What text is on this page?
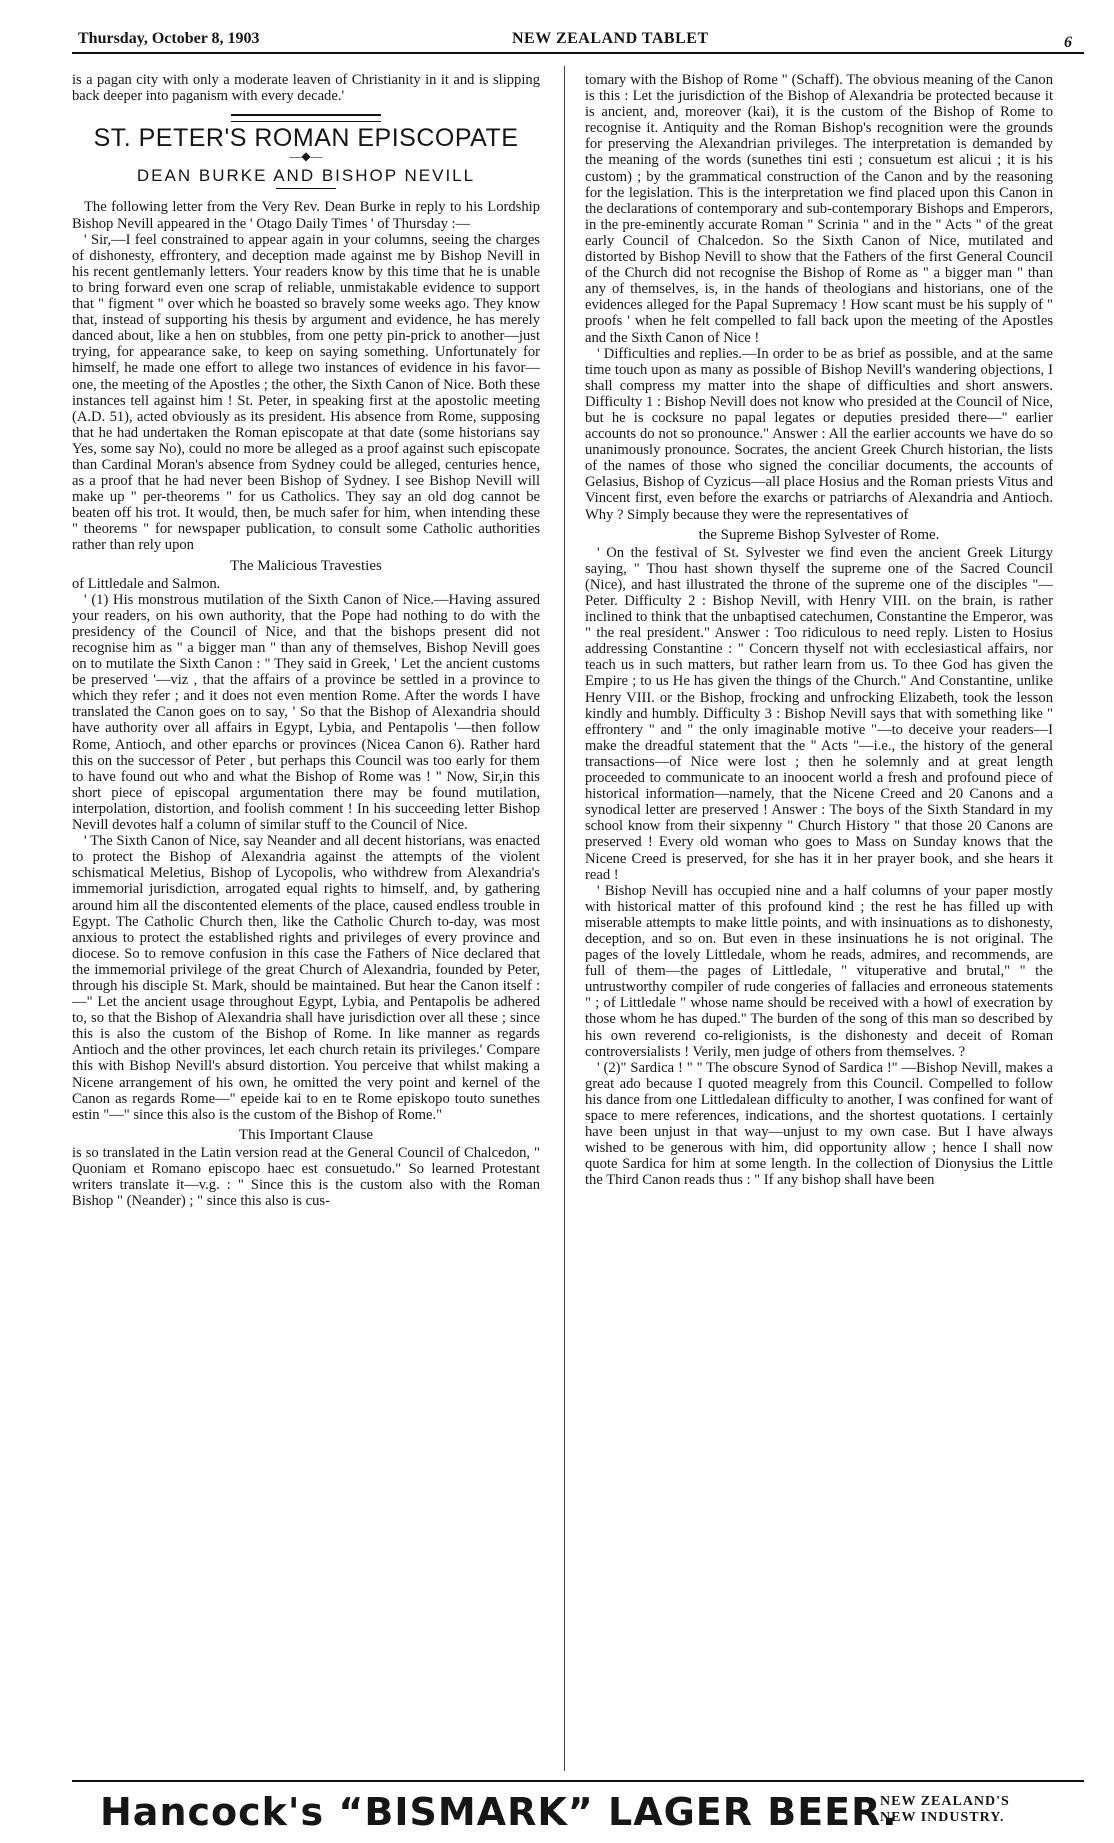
Thursday, October 8, 1903	NEW ZEALAND TABLET	6

is a pagan city with only a moderate leaven of Christianity in it and is slipping back deeper into paganism with every decade.'

ST. PETER'S ROMAN EPISCOPATE
—◆—
DEAN BURKE AND BISHOP NEVILL

The following letter from the Very Rev. Dean Burke in reply to his Lordship Bishop Nevill appeared in the ' Otago Daily Times ' of Thursday :—

' Sir,—I feel constrained to appear again in your columns, seeing the charges of dishonesty, effrontery, and deception made against me by Bishop Nevill in his recent gentlemanly letters. Your readers know by this time that he is unable to bring forward even one scrap of reliable, unmistakable evidence to support that " figment " over which he boasted so bravely some weeks ago. They know that, instead of supporting his thesis by argument and evidence, he has merely danced about, like a hen on stubbles, from one petty pin-prick to another—just trying, for appearance sake, to keep on saying something. Unfortunately for himself, he made one effort to allege two instances of evidence in his favor—one, the meeting of the Apostles ; the other, the Sixth Canon of Nice. Both these instances tell against him ! St. Peter, in speaking first at the apostolic meeting (A.D. 51), acted obviously as its president. His absence from Rome, supposing that he had undertaken the Roman episcopate at that date (some historians say Yes, some say No), could no more be alleged as a proof against such episcopate than Cardinal Moran's absence from Sydney could be alleged, centuries hence, as a proof that he had never been Bishop of Sydney. I see Bishop Nevill will make up " per-theorems " for us Catholics. They say an old dog cannot be beaten off his trot. It would, then, be much safer for him, when intending these " theorems " for newspaper publication, to consult some Catholic authorities rather than rely upon

The Malicious Travesties

of Littledale and Salmon.

' (1) His monstrous mutilation of the Sixth Canon of Nice.—Having assured your readers, on his own authority, that the Pope had nothing to do with the presidency of the Council of Nice, and that the bishops present did not recognise him as " a bigger man " than any of themselves, Bishop Nevill goes on to mutilate the Sixth Canon : " They said in Greek, ' Let the ancient customs be preserved '—viz , that the affairs of a province be settled in a province to which they refer ; and it does not even mention Rome. After the words I have translated the Canon goes on to say, ' So that the Bishop of Alexandria should have authority over all affairs in Egypt, Lybia, and Pentapolis '—then follow Rome, Antioch, and other eparchs or provinces (Nicea Canon 6). Rather hard this on the successor of Peter , but perhaps this Council was too early for them to have found out who and what the Bishop of Rome was ! " Now, Sir,in this short piece of episcopal argumentation there may be found mutilation, interpolation, distortion, and foolish comment ! In his succeeding letter Bishop Nevill devotes half a column of similar stuff to the Council of Nice.

' The Sixth Canon of Nice, say Neander and all decent historians, was enacted to protect the Bishop of Alexandria against the attempts of the violent schismatical Meletius, Bishop of Lycopolis, who withdrew from Alexandria's immemorial jurisdiction, arrogated equal rights to himself, and, by gathering around him all the discontented elements of the place, caused endless trouble in Egypt. The Catholic Church then, like the Catholic Church to-day, was most anxious to protect the established rights and privileges of every province and diocese. So to remove confusion in this case the Fathers of Nice declared that the immemorial privilege of the great Church of Alexandria, founded by Peter, through his disciple St. Mark, should be maintained. But hear the Canon itself :—" Let the ancient usage throughout Egypt, Lybia, and Pentapolis be adhered to, so that the Bishop of Alexandria shall have jurisdiction over all these ; since this is also the custom of the Bishop of Rome. In like manner as regards Antioch and the other provinces, let each church retain its privileges.' Compare this with Bishop Nevill's absurd distortion. You perceive that whilst making a Nicene arrangement of his own, he omitted the very point and kernel of the Canon as regards Rome—" epeide kai to en te Rome episkopo touto sunethes estin "—" since this also is the custom of the Bishop of Rome."

This Important Clause

is so translated in the Latin version read at the General Council of Chalcedon, " Quoniam et Romano episcopo haec est consuetudo." So learned Protestant writers translate it—v.g. : " Since this is the custom also with the Roman Bishop " (Neander) ; " since this also is cus-

tomary with the Bishop of Rome " (Schaff). The obvious meaning of the Canon is this : Let the jurisdiction of the Bishop of Alexandria be protected because it is ancient, and, moreover (kai), it is the custom of the Bishop of Rome to recognise it. Antiquity and the Roman Bishop's recognition were the grounds for preserving the Alexandrian privileges. The interpretation is demanded by the meaning of the words (sunethes tini esti ; consuetum est alicui ; it is his custom) ; by the grammatical construction of the Canon and by the reasoning for the legislation. This is the interpretation we find placed upon this Canon in the declarations of contemporary and sub-contemporary Bishops and Emperors, in the pre-eminently accurate Roman " Scrinia " and in the " Acts " of the great early Council of Chalcedon. So the Sixth Canon of Nice, mutilated and distorted by Bishop Nevill to show that the Fathers of the first General Council of the Church did not recognise the Bishop of Rome as " a bigger man " than any of themselves, is, in the hands of theologians and historians, one of the evidences alleged for the Papal Supremacy ! How scant must be his supply of " proofs ' when he felt compelled to fall back upon the meeting of the Apostles and the Sixth Canon of Nice !

' Difficulties and replies.—In order to be as brief as possible, and at the same time touch upon as many as possible of Bishop Nevill's wandering objections, I shall compress my matter into the shape of difficulties and short answers. Difficulty 1 : Bishop Nevill does not know who presided at the Council of Nice, but he is cocksure no papal legates or deputies presided there—" earlier accounts do not so pronounce." Answer : All the earlier accounts we have do so unanimously pronounce. Socrates, the ancient Greek Church historian, the lists of the names of those who signed the conciliar documents, the accounts of Gelasius, Bishop of Cyzicus—all place Hosius and the Roman priests Vitus and Vincent first, even before the exarchs or patriarchs of Alexandria and Antioch. Why ? Simply because they were the representatives of

the Supreme Bishop Sylvester of Rome.

' On the festival of St. Sylvester we find even the ancient Greek Liturgy saying, " Thou hast shown thyself the supreme one of the Sacred Council (Nice), and hast illustrated the throne of the supreme one of the disciples "—Peter. Difficulty 2 : Bishop Nevill, with Henry VIII. on the brain, is rather inclined to think that the unbaptised catechumen, Constantine the Emperor, was " the real president." Answer : Too ridiculous to need reply. Listen to Hosius addressing Constantine : " Concern thyself not with ecclesiastical affairs, nor teach us in such matters, but rather learn from us. To thee God has given the Empire ; to us He has given the things of the Church." And Constantine, unlike Henry VIII. or the Bishop, frocking and unfrocking Elizabeth, took the lesson kindly and humbly. Difficulty 3 : Bishop Nevill says that with something like " effrontery " and " the only imaginable motive "—to deceive your readers—I make the dreadful statement that the " Acts "—i.e., the history of the general transactions—of Nice were lost ; then he solemnly and at great length proceeded to communicate to an inoocent world a fresh and profound piece of historical information—namely, that the Nicene Creed and 20 Canons and a synodical letter are preserved ! Answer : The boys of the Sixth Standard in my school know from their sixpenny " Church History " that those 20 Canons are preserved ! Every old woman who goes to Mass on Sunday knows that the Nicene Creed is preserved, for she has it in her prayer book, and she hears it read !

' Bishop Nevill has occupied nine and a half columns of your paper mostly with historical matter of this profound kind ; the rest he has filled up with miserable attempts to make little points, and with insinuations as to dishonesty, deception, and so on. But even in these insinuations he is not original. The pages of the lovely Littledale, whom he reads, admires, and recommends, are full of them—the pages of Littledale, " vituperative and brutal," " the untrustworthy compiler of rude congeries of fallacies and erroneous statements " ; of Littledale " whose name should be received with a howl of execration by those whom he has duped." The burden of the song of this man so described by his own reverend co-religionists, is the dishonesty and deceit of Roman controversialists ! Verily, men judge of others from themselves. ?

' (2)" Sardica ! " " The obscure Synod of Sardica !" —Bishop Nevill, makes a great ado because I quoted meagrely from this Council. Compelled to follow his dance from one Littledalean difficulty to another, I was confined for want of space to mere references, indications, and the shortest quotations. I certainly have been unjust in that way—unjust to my own case. But I have always wished to be generous with him, did opportunity allow ; hence I shall now quote Sardica for him at some length. In the collection of Dionysius the Little the Third Canon reads thus : " If any bishop shall have been

Hancock's “BISMARK” LAGER BEER.
NEW ZEALAND'S
NEW INDUSTRY.
